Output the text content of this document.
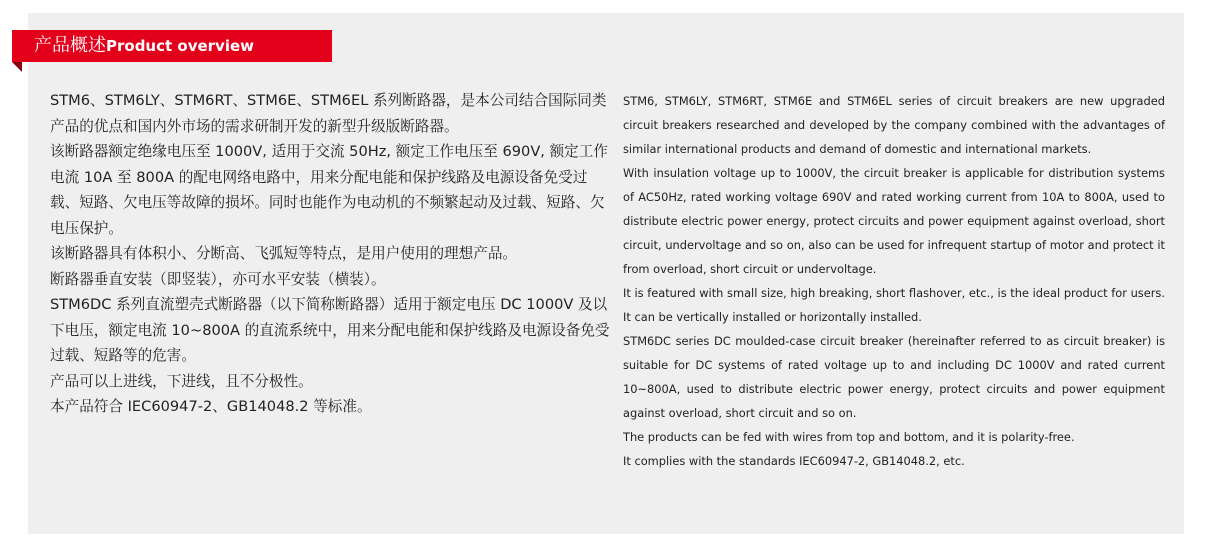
产品概述Product overview

STM6、STM6LY、STM6RT、STM6E、STM6EL 系列断路器，是本公司结合国际同类产品的优点和国内外市场的需求研制开发的新型升级版断路器。

该断路器额定绝缘电压至 1000V, 适用于交流 50Hz, 额定工作电压至 690V, 额定工作电流 10A 至 800A 的配电网络电路中，用来分配电能和保护线路及电源设备免受过载、短路、欠电压等故障的损坏。同时也能作为电动机的不频繁起动及过载、短路、欠电压保护。

该断路器具有体积小、分断高、飞弧短等特点，是用户使用的理想产品。

断路器垂直安装（即竖装），亦可水平安装（横装）。

STM6DC 系列直流塑壳式断路器（以下简称断路器）适用于额定电压 DC 1000V 及以下电压，额定电流 10~800A 的直流系统中，用来分配电能和保护线路及电源设备免受过载、短路等的危害。

产品可以上进线，下进线，且不分极性。

本产品符合 IEC60947-2、GB14048.2 等标准。

STM6, STM6LY, STM6RT, STM6E and STM6EL series of circuit breakers are new upgraded circuit breakers researched and developed by the company combined with the advantages of similar international products and demand of domestic and international markets.

With insulation voltage up to 1000V, the circuit breaker is applicable for distribution systems of AC50Hz, rated working voltage 690V and rated working current from 10A to 800A, used to distribute electric power energy, protect circuits and power equipment against overload, short circuit, undervoltage and so on, also can be used for infrequent startup of motor and protect it from overload, short circuit or undervoltage.

It is featured with small size, high breaking, short flashover, etc., is the ideal product for users. It can be vertically installed or horizontally installed.

STM6DC series DC moulded-case circuit breaker (hereinafter referred to as circuit breaker) is suitable for DC systems of rated voltage up to and including DC 1000V and rated current 10~800A, used to distribute electric power energy, protect circuits and power equipment against overload, short circuit and so on.

The products can be fed with wires from top and bottom, and it is polarity-free.

It complies with the standards IEC60947-2, GB14048.2, etc.
